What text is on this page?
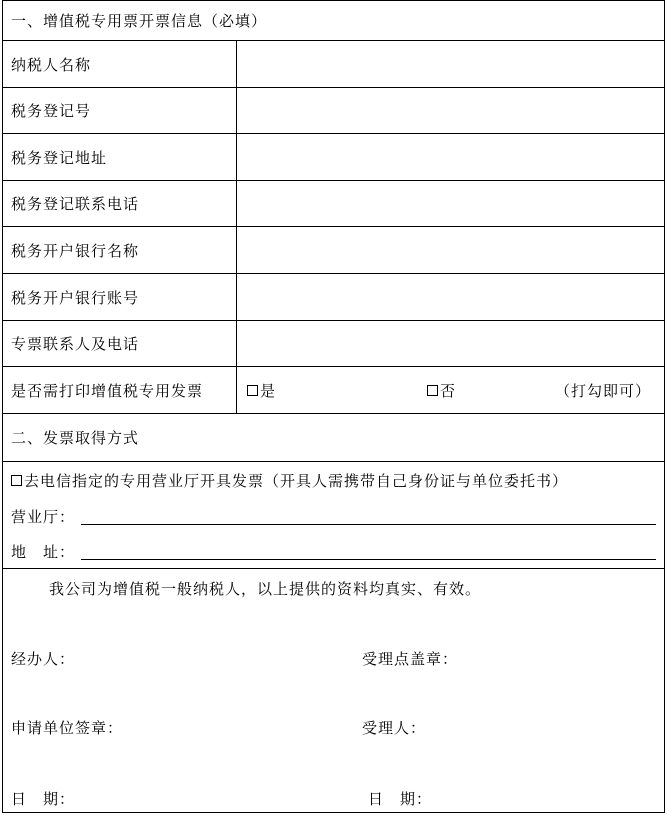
一、增值税专用票开票信息（必填）
纳税人名称
税务登记号
税务登记地址
税务登记联系电话
税务开户银行名称
税务开户银行账号
专票联系人及电话
是否需打印增值税专用发票	是	否	（打勾即可）
二、发票取得方式
去电信指定的专用营业厅开具发票（开具人需携带自己身份证与单位委托书）
营业厅：
地　址：
我公司为增值税一般纳税人，以上提供的资料均真实、有效。
经办人：	受理点盖章：
申请单位签章：	受理人：
日　期：	日　期：
